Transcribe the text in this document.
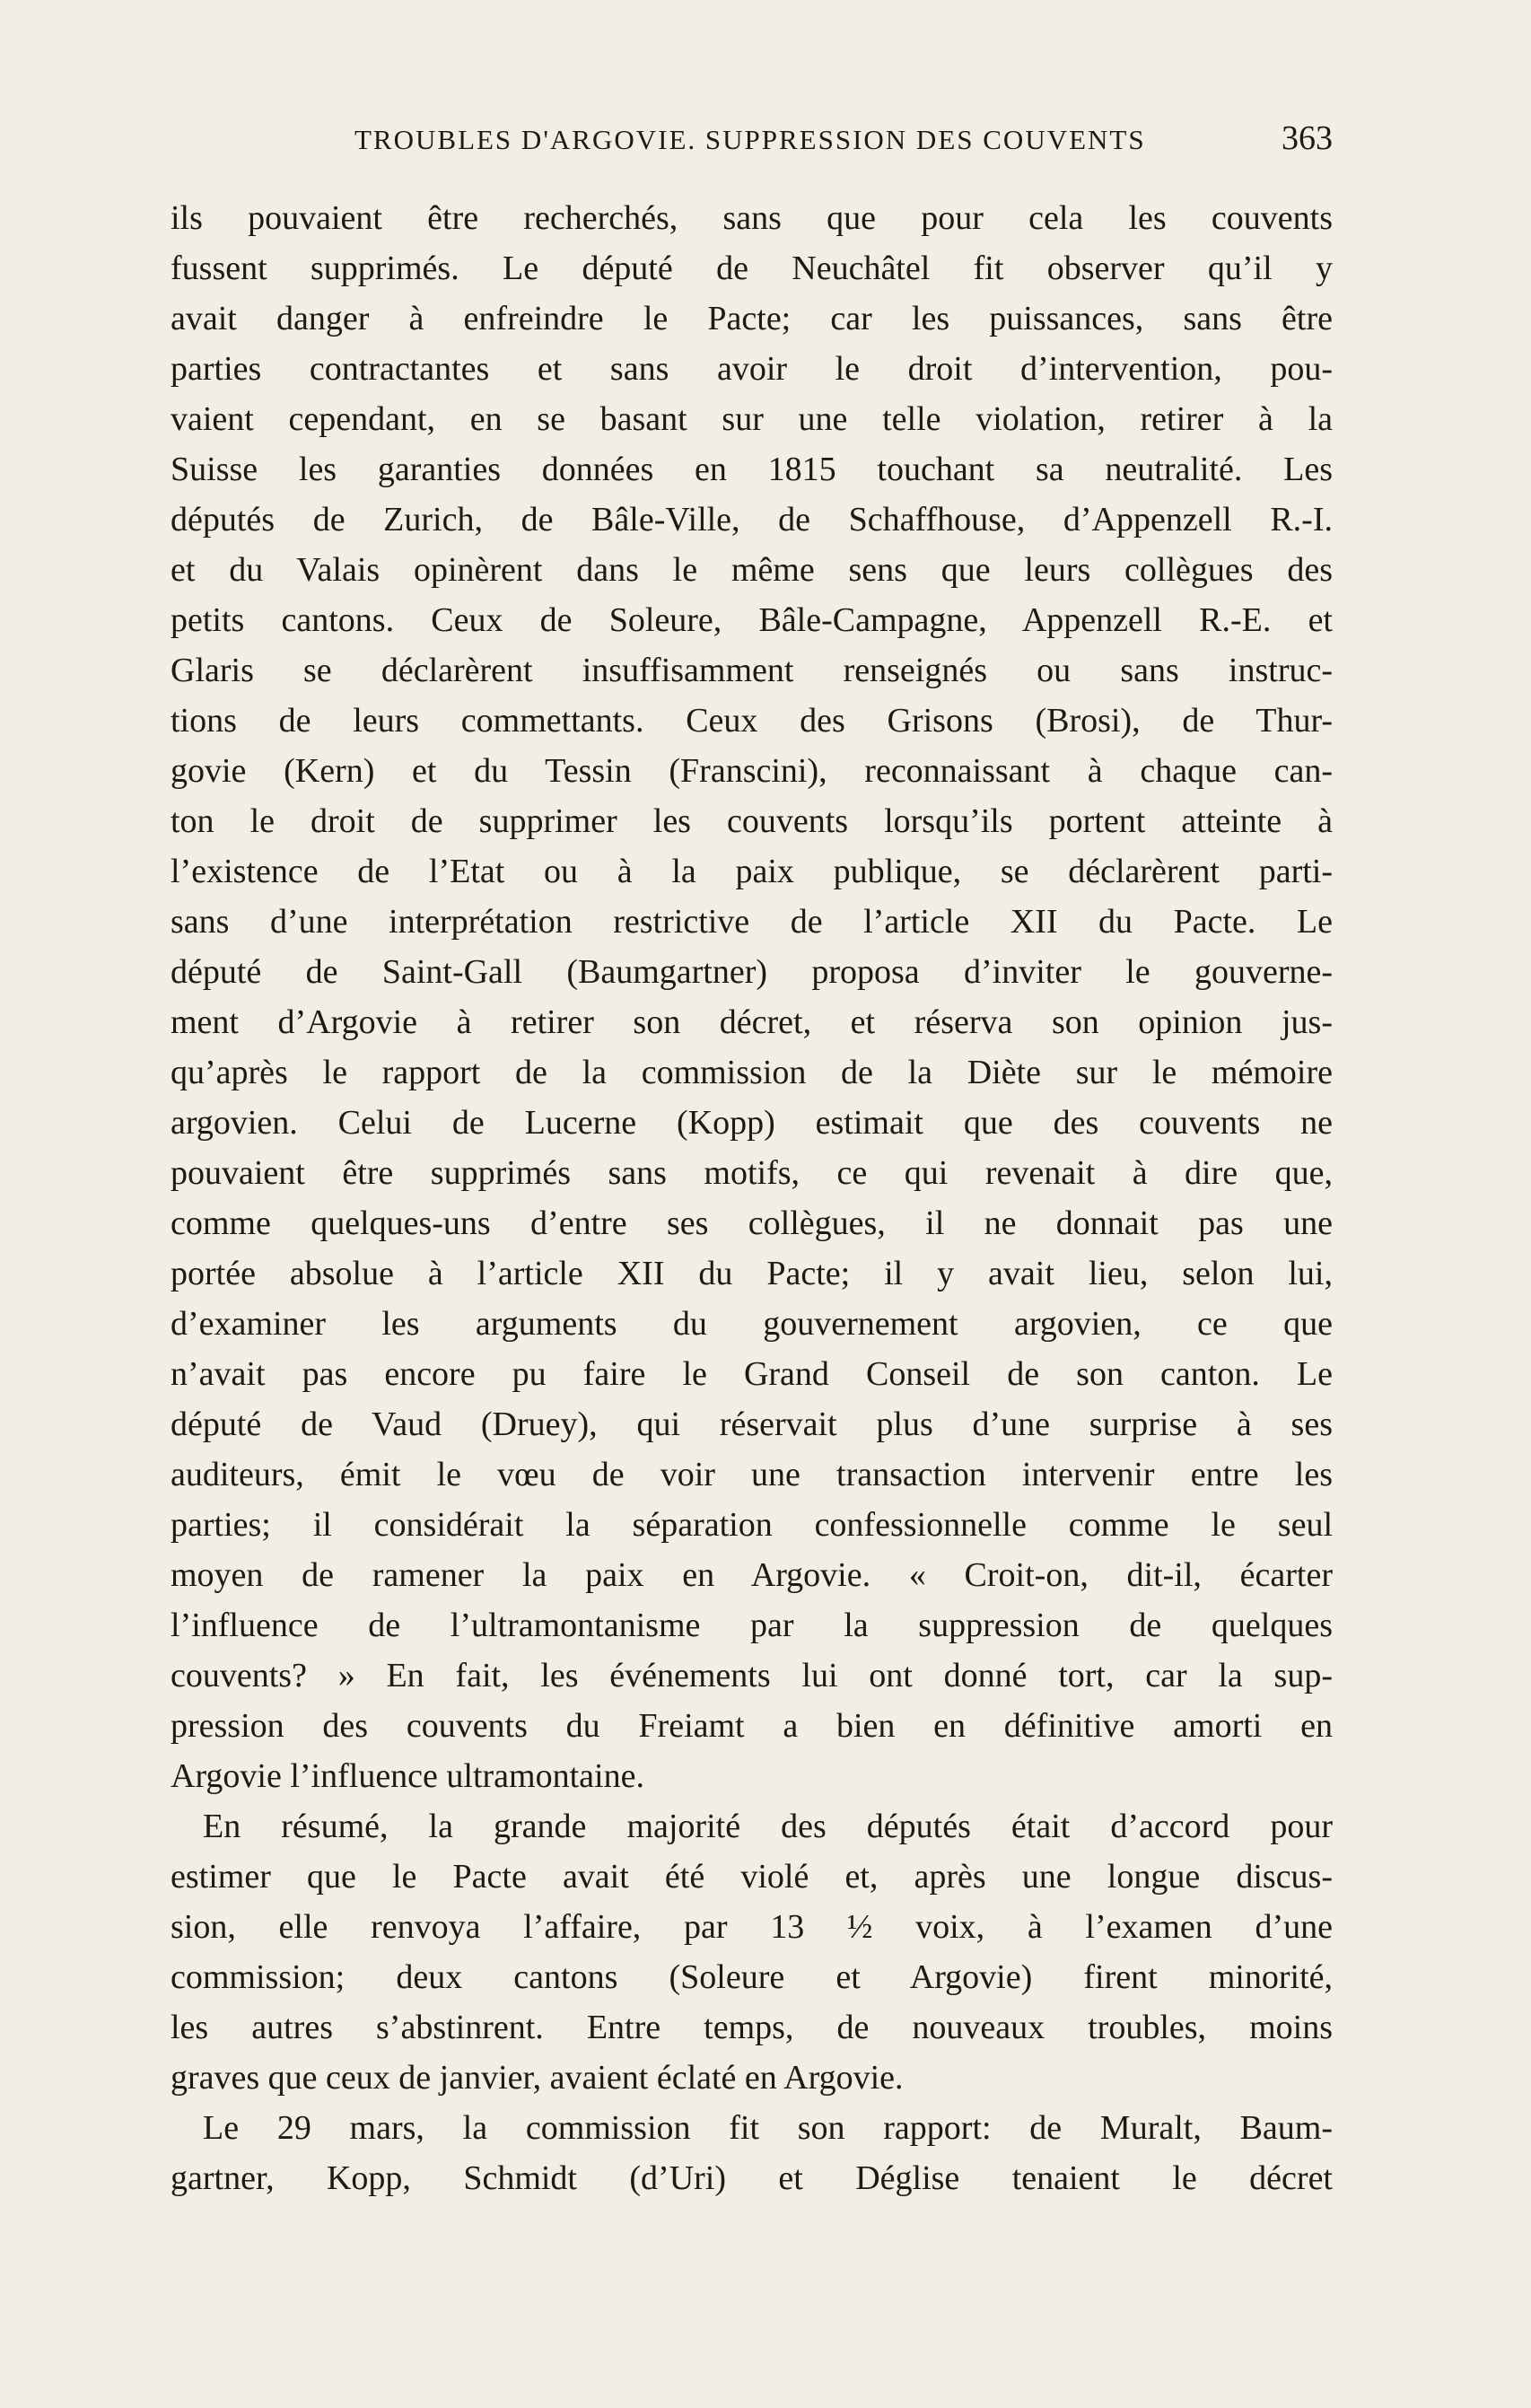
TROUBLES D'ARGOVIE. SUPPRESSION DES COUVENTS	363
ils pouvaient être recherchés, sans que pour cela les couvents
fussent supprimés. Le député de Neuchâtel fit observer qu’il y
avait danger à enfreindre le Pacte; car les puissances, sans être
parties contractantes et sans avoir le droit d’intervention, pou-
vaient cependant, en se basant sur une telle violation, retirer à la
Suisse les garanties données en 1815 touchant sa neutralité. Les
députés de Zurich, de Bâle-Ville, de Schaffhouse, d’Appenzell R.-I.
et du Valais opinèrent dans le même sens que leurs collègues des
petits cantons. Ceux de Soleure, Bâle-Campagne, Appenzell R.-E. et
Glaris se déclarèrent insuffisamment renseignés ou sans instruc-
tions de leurs commettants. Ceux des Grisons (Brosi), de Thur-
govie (Kern) et du Tessin (Franscini), reconnaissant à chaque can-
ton le droit de supprimer les couvents lorsqu’ils portent atteinte à
l’existence de l’Etat ou à la paix publique, se déclarèrent parti-
sans d’une interprétation restrictive de l’article XII du Pacte. Le
député de Saint-Gall (Baumgartner) proposa d’inviter le gouverne-
ment d’Argovie à retirer son décret, et réserva son opinion jus-
qu’après le rapport de la commission de la Diète sur le mémoire
argovien. Celui de Lucerne (Kopp) estimait que des couvents ne
pouvaient être supprimés sans motifs, ce qui revenait à dire que,
comme quelques-uns d’entre ses collègues, il ne donnait pas une
portée absolue à l’article XII du Pacte; il y avait lieu, selon lui,
d’examiner les arguments du gouvernement argovien, ce que
n’avait pas encore pu faire le Grand Conseil de son canton. Le
député de Vaud (Druey), qui réservait plus d’une surprise à ses
auditeurs, émit le vœu de voir une transaction intervenir entre les
parties; il considérait la séparation confessionnelle comme le seul
moyen de ramener la paix en Argovie. « Croit-on, dit-il, écarter
l’influence de l’ultramontanisme par la suppression de quelques
couvents? » En fait, les événements lui ont donné tort, car la sup-
pression des couvents du Freiamt a bien en définitive amorti en
Argovie l’influence ultramontaine.
En résumé, la grande majorité des députés était d’accord pour
estimer que le Pacte avait été violé et, après une longue discus-
sion, elle renvoya l’affaire, par 13 ½ voix, à l’examen d’une
commission; deux cantons (Soleure et Argovie) firent minorité,
les autres s’abstinrent. Entre temps, de nouveaux troubles, moins
graves que ceux de janvier, avaient éclaté en Argovie.
Le 29 mars, la commission fit son rapport: de Muralt, Baum-
gartner, Kopp, Schmidt (d’Uri) et Déglise tenaient le décret
